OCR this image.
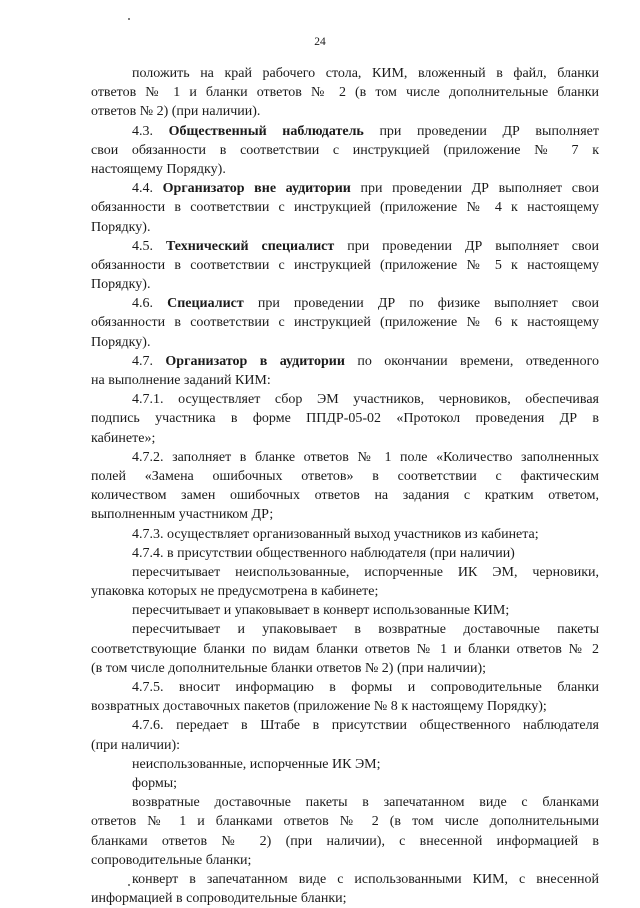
24
положить на край рабочего стола, КИМ, вложенный в файл, бланки
ответов № 1 и бланки ответов № 2 (в том числе дополнительные бланки
ответов № 2) (при наличии).
4.3. Общественный наблюдатель при проведении ДР выполняет
свои обязанности в соответствии с инструкцией (приложение № 7 к
настоящему Порядку).
4.4. Организатор вне аудитории при проведении ДР выполняет свои
обязанности в соответствии с инструкцией (приложение № 4 к настоящему
Порядку).
4.5. Технический специалист при проведении ДР выполняет свои
обязанности в соответствии с инструкцией (приложение № 5 к настоящему
Порядку).
4.6. Специалист при проведении ДР по физике выполняет свои
обязанности в соответствии с инструкцией (приложение № 6 к настоящему
Порядку).
4.7. Организатор в аудитории по окончании времени, отведенного
на выполнение заданий КИМ:
4.7.1. осуществляет сбор ЭМ участников, черновиков, обеспечивая
подпись участника в форме ППДР-05-02 «Протокол проведения ДР в
кабинете»;
4.7.2. заполняет в бланке ответов № 1 поле «Количество заполненных
полей «Замена ошибочных ответов» в соответствии с фактическим
количеством замен ошибочных ответов на задания с кратким ответом,
выполненным участником ДР;
4.7.3. осуществляет организованный выход участников из кабинета;
4.7.4. в присутствии общественного наблюдателя (при наличии)
пересчитывает неиспользованные, испорченные ИК ЭМ, черновики,
упаковка которых не предусмотрена в кабинете;
пересчитывает и упаковывает в конверт использованные КИМ;
пересчитывает и упаковывает в возвратные доставочные пакеты
соответствующие бланки по видам бланки ответов № 1 и бланки ответов № 2
(в том числе дополнительные бланки ответов № 2) (при наличии);
4.7.5. вносит информацию в формы и сопроводительные бланки
возвратных доставочных пакетов (приложение № 8 к настоящему Порядку);
4.7.6. передает в Штабе в присутствии общественного наблюдателя
(при наличии):
неиспользованные, испорченные ИК ЭМ;
формы;
возвратные доставочные пакеты в запечатанном виде с бланками
ответов № 1 и бланками ответов № 2 (в том числе дополнительными
бланками ответов № 2) (при наличии), с внесенной информацией в
сопроводительные бланки;
конверт в запечатанном виде с использованными КИМ, с внесенной
информацией в сопроводительные бланки;
